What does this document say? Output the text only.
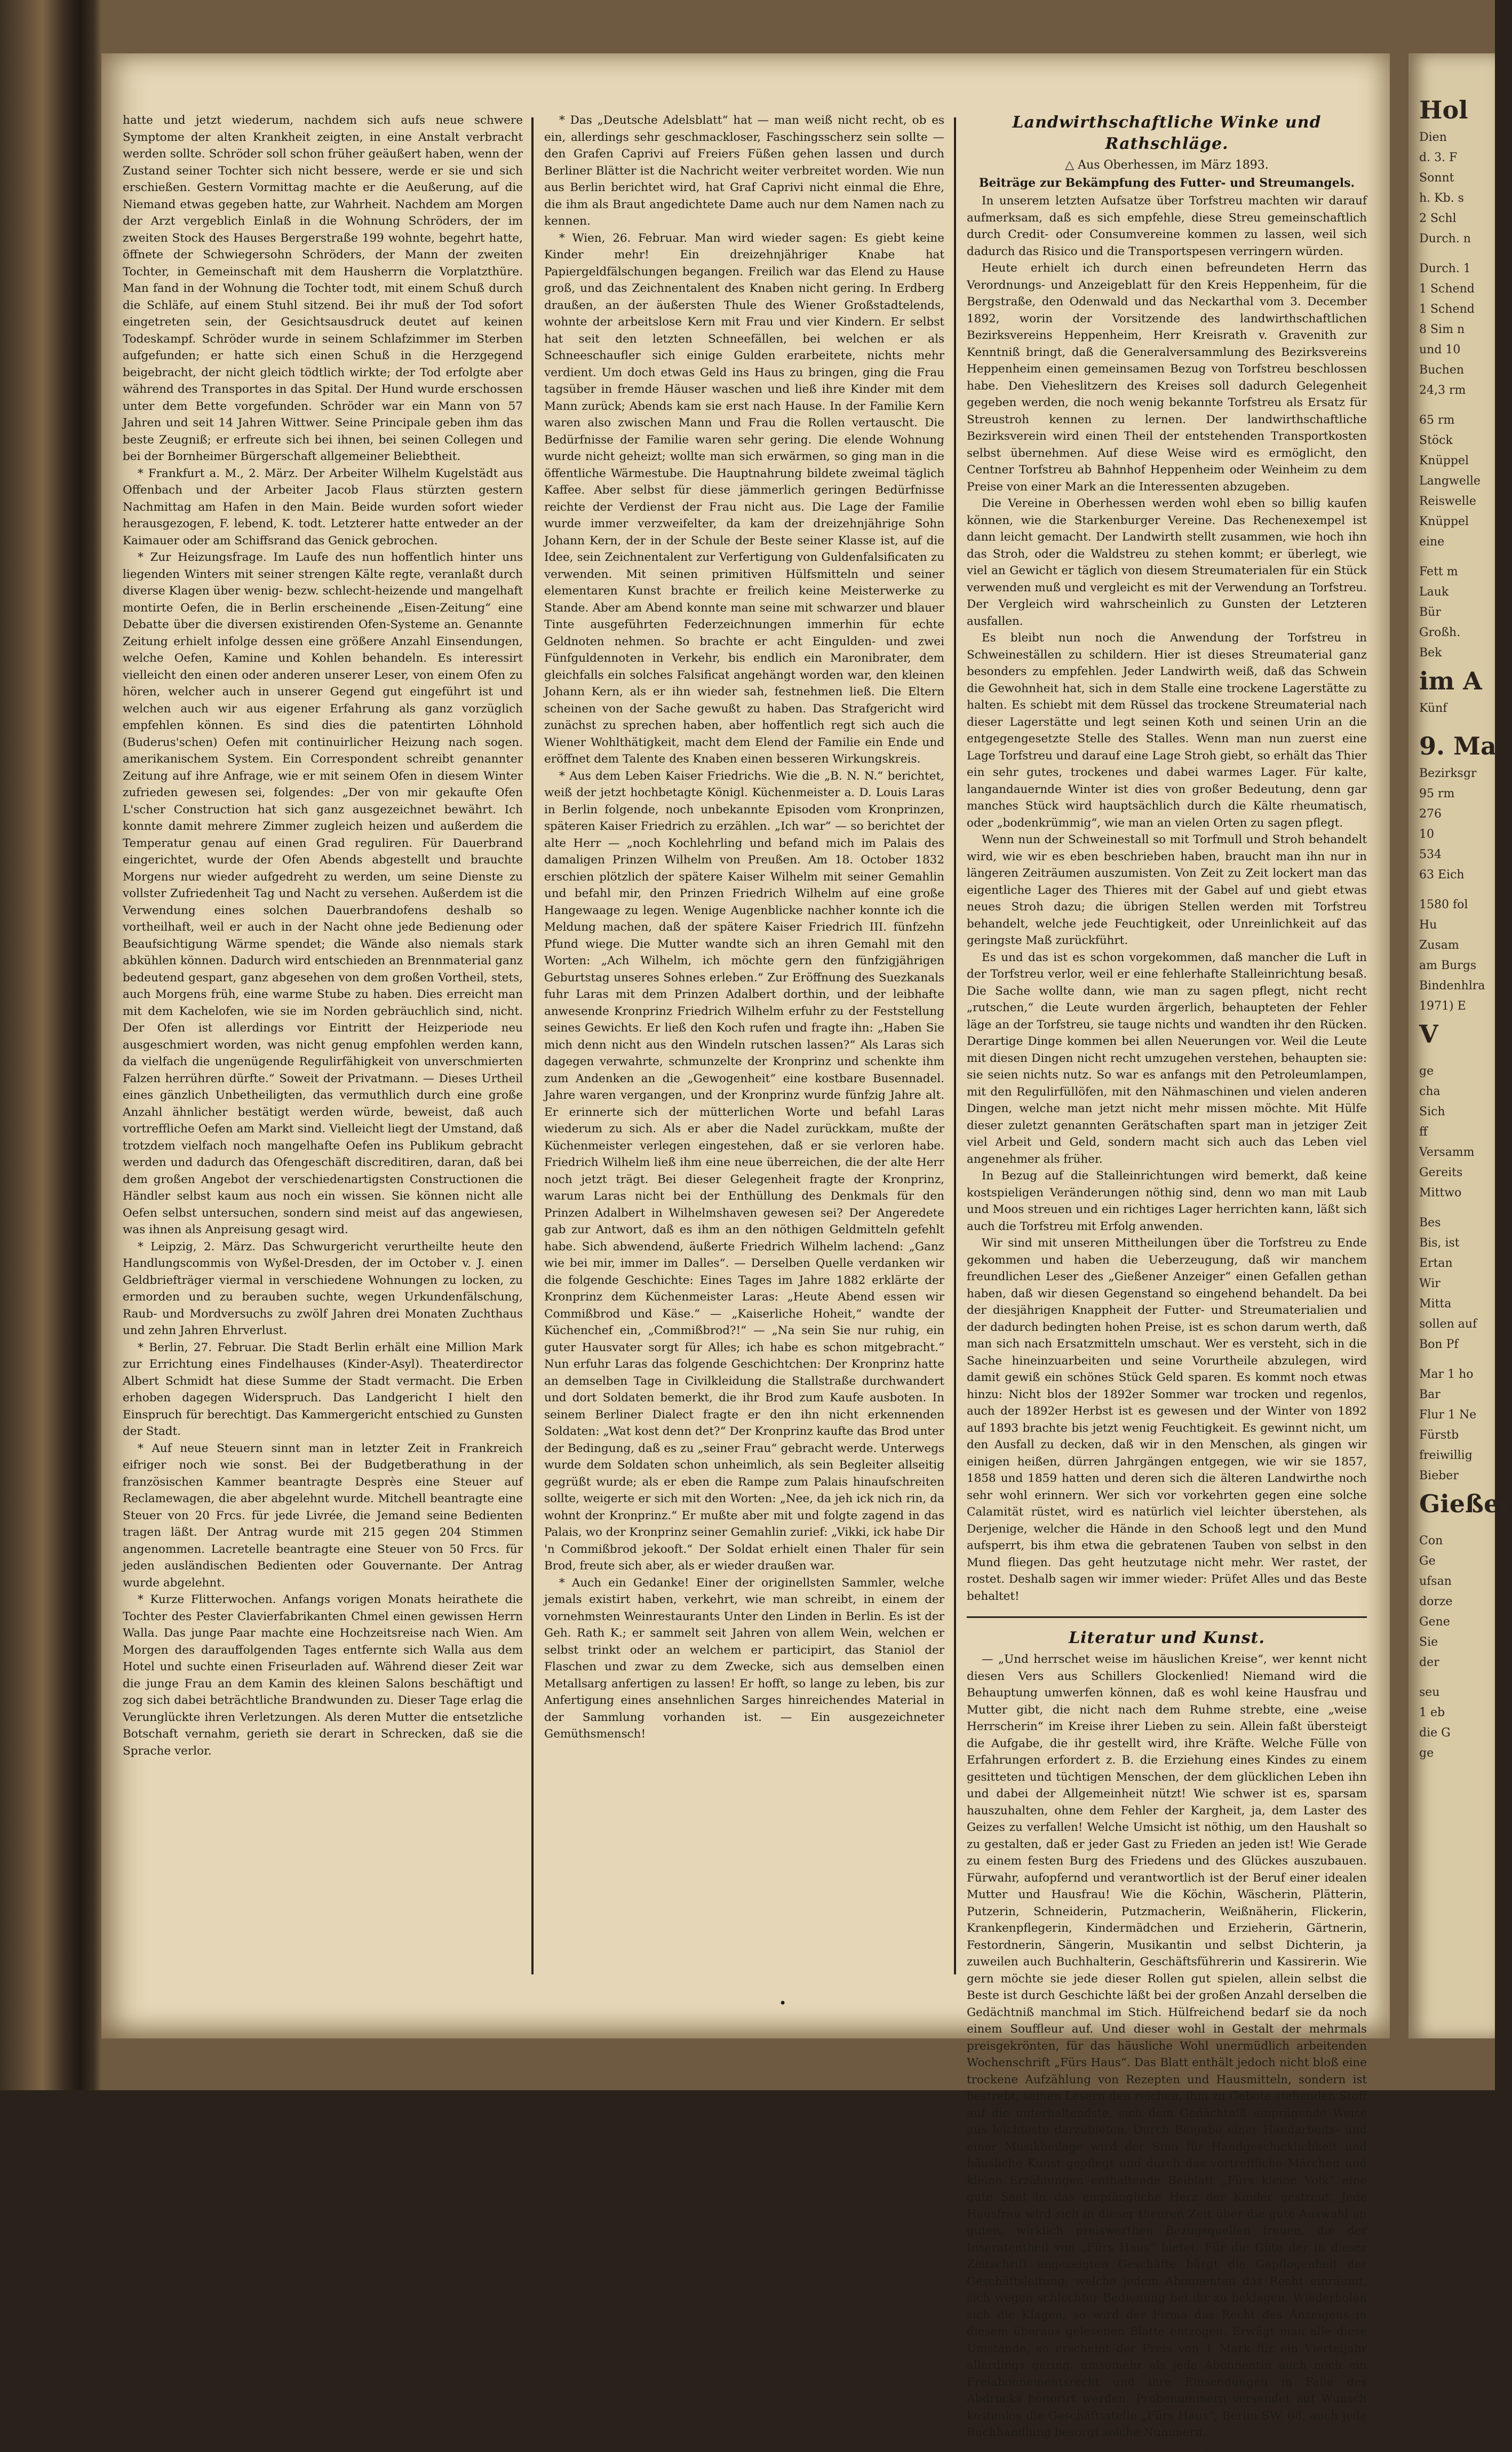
hatte und jetzt wiederum, nachdem sich aufs neue schwere Symptome der alten Krankheit zeigten, in eine Anstalt verbracht werden sollte. Schröder soll schon früher geäußert haben, wenn der Zustand seiner Tochter sich nicht bessere, werde er sie und sich erschießen. Gestern Vormittag machte er die Aeußerung, auf die Niemand etwas gegeben hatte, zur Wahrheit. Nachdem am Morgen der Arzt vergeblich Einlaß in die Wohnung Schröders, der im zweiten Stock des Hauses Bergerstraße 199 wohnte, begehrt hatte, öffnete der Schwiegersohn Schröders, der Mann der zweiten Tochter, in Gemeinschaft mit dem Hausherrn die Vorplatzthüre. Man fand in der Wohnung die Tochter todt, mit einem Schuß durch die Schläfe, auf einem Stuhl sitzend. Bei ihr muß der Tod sofort eingetreten sein, der Gesichtsausdruck deutet auf keinen Todeskampf. Schröder wurde in seinem Schlafzimmer im Sterben aufgefunden; er hatte sich einen Schuß in die Herzgegend beigebracht, der nicht gleich tödtlich wirkte; der Tod erfolgte aber während des Transportes in das Spital. Der Hund wurde erschossen unter dem Bette vorgefunden. Schröder war ein Mann von 57 Jahren und seit 14 Jahren Wittwer. Seine Principale geben ihm das beste Zeugniß; er erfreute sich bei ihnen, bei seinen Collegen und bei der Bornheimer Bürgerschaft allgemeiner Beliebtheit.

* Frankfurt a. M., 2. März. Der Arbeiter Wilhelm Kugelstädt aus Offenbach und der Arbeiter Jacob Flaus stürzten gestern Nachmittag am Hafen in den Main. Beide wurden sofort wieder herausgezogen, F. lebend, K. todt. Letzterer hatte entweder an der Kaimauer oder am Schiffsrand das Genick gebrochen.

* Zur Heizungsfrage. Im Laufe des nun hoffentlich hinter uns liegenden Winters mit seiner strengen Kälte regte, veranlaßt durch diverse Klagen über wenig- bezw. schlecht-heizende und mangelhaft montirte Oefen, die in Berlin erscheinende „Eisen-Zeitung“ eine Debatte über die diversen existirenden Ofen-Systeme an. Genannte Zeitung erhielt infolge dessen eine größere Anzahl Einsendungen, welche Oefen, Kamine und Kohlen behandeln. Es interessirt vielleicht den einen oder anderen unserer Leser, von einem Ofen zu hören, welcher auch in unserer Gegend gut eingeführt ist und welchen auch wir aus eigener Erfahrung als ganz vorzüglich empfehlen können. Es sind dies die patentirten Löhnhold (Buderus'schen) Oefen mit continuirlicher Heizung nach sogen. amerikanischem System. Ein Correspondent schreibt genannter Zeitung auf ihre Anfrage, wie er mit seinem Ofen in diesem Winter zufrieden gewesen sei, folgendes: „Der von mir gekaufte Ofen L'scher Construction hat sich ganz ausgezeichnet bewährt. Ich konnte damit mehrere Zimmer zugleich heizen und außerdem die Temperatur genau auf einen Grad reguliren. Für Dauerbrand eingerichtet, wurde der Ofen Abends abgestellt und brauchte Morgens nur wieder aufgedreht zu werden, um seine Dienste zu vollster Zufriedenheit Tag und Nacht zu versehen. Außerdem ist die Verwendung eines solchen Dauerbrandofens deshalb so vortheilhaft, weil er auch in der Nacht ohne jede Bedienung oder Beaufsichtigung Wärme spendet; die Wände also niemals stark abkühlen können. Dadurch wird entschieden an Brennmaterial ganz bedeutend gespart, ganz abgesehen von dem großen Vortheil, stets, auch Morgens früh, eine warme Stube zu haben. Dies erreicht man mit dem Kachelofen, wie sie im Norden gebräuchlich sind, nicht. Der Ofen ist allerdings vor Eintritt der Heizperiode neu ausgeschmiert worden, was nicht genug empfohlen werden kann, da vielfach die ungenügende Regulirfähigkeit von unverschmierten Falzen herrühren dürfte.“ Soweit der Privatmann. — Dieses Urtheil eines gänzlich Unbetheiligten, das vermuthlich durch eine große Anzahl ähnlicher bestätigt werden würde, beweist, daß auch vortreffliche Oefen am Markt sind. Vielleicht liegt der Umstand, daß trotzdem vielfach noch mangelhafte Oefen ins Publikum gebracht werden und dadurch das Ofengeschäft discreditiren, daran, daß bei dem großen Angebot der verschiedenartigsten Constructionen die Händler selbst kaum aus noch ein wissen. Sie können nicht alle Oefen selbst untersuchen, sondern sind meist auf das angewiesen, was ihnen als Anpreisung gesagt wird.

* Leipzig, 2. März. Das Schwurgericht verurtheilte heute den Handlungscommis von Wyßel-Dresden, der im October v. J. einen Geldbriefträger viermal in verschiedene Wohnungen zu locken, zu ermorden und zu berauben suchte, wegen Urkundenfälschung, Raub- und Mordversuchs zu zwölf Jahren drei Monaten Zuchthaus und zehn Jahren Ehrverlust.

* Berlin, 27. Februar. Die Stadt Berlin erhält eine Million Mark zur Errichtung eines Findelhauses (Kinder-Asyl). Theaterdirector Albert Schmidt hat diese Summe der Stadt vermacht. Die Erben erhoben dagegen Widerspruch. Das Landgericht I hielt den Einspruch für berechtigt. Das Kammergericht entschied zu Gunsten der Stadt.

* Auf neue Steuern sinnt man in letzter Zeit in Frankreich eifriger noch wie sonst. Bei der Budgetberathung in der französischen Kammer beantragte Desprès eine Steuer auf Reclamewagen, die aber abgelehnt wurde. Mitchell beantragte eine Steuer von 20 Frcs. für jede Livrée, die Jemand seine Bedienten tragen läßt. Der Antrag wurde mit 215 gegen 204 Stimmen angenommen. Lacretelle beantragte eine Steuer von 50 Frcs. für jeden ausländischen Bedienten oder Gouvernante. Der Antrag wurde abgelehnt.

* Kurze Flitterwochen. Anfangs vorigen Monats heirathete die Tochter des Pester Clavierfabrikanten Chmel einen gewissen Herrn Walla. Das junge Paar machte eine Hochzeitsreise nach Wien. Am Morgen des darauffolgenden Tages entfernte sich Walla aus dem Hotel und suchte einen Friseurladen auf. Während dieser Zeit war die junge Frau an dem Kamin des kleinen Salons beschäftigt und zog sich dabei beträchtliche Brandwunden zu. Dieser Tage erlag die Verunglückte ihren Verletzungen. Als deren Mutter die entsetzliche Botschaft vernahm, gerieth sie derart in Schrecken, daß sie die Sprache verlor.

* Das „Deutsche Adelsblatt“ hat — man weiß nicht recht, ob es ein, allerdings sehr geschmackloser, Faschingsscherz sein sollte — den Grafen Caprivi auf Freiers Füßen gehen lassen und durch Berliner Blätter ist die Nachricht weiter verbreitet worden. Wie nun aus Berlin berichtet wird, hat Graf Caprivi nicht einmal die Ehre, die ihm als Braut angedichtete Dame auch nur dem Namen nach zu kennen.

* Wien, 26. Februar. Man wird wieder sagen: Es giebt keine Kinder mehr! Ein dreizehnjähriger Knabe hat Papiergeldfälschungen begangen. Freilich war das Elend zu Hause groß, und das Zeichnentalent des Knaben nicht gering. In Erdberg draußen, an der äußersten Thule des Wiener Großstadtelends, wohnte der arbeitslose Kern mit Frau und vier Kindern. Er selbst hat seit den letzten Schneefällen, bei welchen er als Schneeschaufler sich einige Gulden erarbeitete, nichts mehr verdient. Um doch etwas Geld ins Haus zu bringen, ging die Frau tagsüber in fremde Häuser waschen und ließ ihre Kinder mit dem Mann zurück; Abends kam sie erst nach Hause. In der Familie Kern waren also zwischen Mann und Frau die Rollen vertauscht. Die Bedürfnisse der Familie waren sehr gering. Die elende Wohnung wurde nicht geheizt; wollte man sich erwärmen, so ging man in die öffentliche Wärmestube. Die Hauptnahrung bildete zweimal täglich Kaffee. Aber selbst für diese jämmerlich geringen Bedürfnisse reichte der Verdienst der Frau nicht aus. Die Lage der Familie wurde immer verzweifelter, da kam der dreizehnjährige Sohn Johann Kern, der in der Schule der Beste seiner Klasse ist, auf die Idee, sein Zeichnentalent zur Verfertigung von Guldenfalsificaten zu verwenden. Mit seinen primitiven Hülfsmitteln und seiner elementaren Kunst brachte er freilich keine Meisterwerke zu Stande. Aber am Abend konnte man seine mit schwarzer und blauer Tinte ausgeführten Federzeichnungen immerhin für echte Geldnoten nehmen. So brachte er acht Eingulden- und zwei Fünfguldennoten in Verkehr, bis endlich ein Maronibrater, dem gleichfalls ein solches Falsificat angehängt worden war, den kleinen Johann Kern, als er ihn wieder sah, festnehmen ließ. Die Eltern scheinen von der Sache gewußt zu haben. Das Strafgericht wird zunächst zu sprechen haben, aber hoffentlich regt sich auch die Wiener Wohlthätigkeit, macht dem Elend der Familie ein Ende und eröffnet dem Talente des Knaben einen besseren Wirkungskreis.

* Aus dem Leben Kaiser Friedrichs. Wie die „B. N. N.“ berichtet, weiß der jetzt hochbetagte Königl. Küchenmeister a. D. Louis Laras in Berlin folgende, noch unbekannte Episoden vom Kronprinzen, späteren Kaiser Friedrich zu erzählen. „Ich war“ — so berichtet der alte Herr — „noch Kochlehrling und befand mich im Palais des damaligen Prinzen Wilhelm von Preußen. Am 18. October 1832 erschien plötzlich der spätere Kaiser Wilhelm mit seiner Gemahlin und befahl mir, den Prinzen Friedrich Wilhelm auf eine große Hangewaage zu legen. Wenige Augenblicke nachher konnte ich die Meldung machen, daß der spätere Kaiser Friedrich III. fünfzehn Pfund wiege. Die Mutter wandte sich an ihren Gemahl mit den Worten: „Ach Wilhelm, ich möchte gern den fünfzigjährigen Geburtstag unseres Sohnes erleben.“ Zur Eröffnung des Suezkanals fuhr Laras mit dem Prinzen Adalbert dorthin, und der leibhafte anwesende Kronprinz Friedrich Wilhelm erfuhr zu der Feststellung seines Gewichts. Er ließ den Koch rufen und fragte ihn: „Haben Sie mich denn nicht aus den Windeln rutschen lassen?“ Als Laras sich dagegen verwahrte, schmunzelte der Kronprinz und schenkte ihm zum Andenken an die „Gewogenheit“ eine kostbare Busennadel. Jahre waren vergangen, und der Kronprinz wurde fünfzig Jahre alt. Er erinnerte sich der mütterlichen Worte und befahl Laras wiederum zu sich. Als er aber die Nadel zurückkam, mußte der Küchenmeister verlegen eingestehen, daß er sie verloren habe. Friedrich Wilhelm ließ ihm eine neue überreichen, die der alte Herr noch jetzt trägt. Bei dieser Gelegenheit fragte der Kronprinz, warum Laras nicht bei der Enthüllung des Denkmals für den Prinzen Adalbert in Wilhelmshaven gewesen sei? Der Angeredete gab zur Antwort, daß es ihm an den nöthigen Geldmitteln gefehlt habe. Sich abwendend, äußerte Friedrich Wilhelm lachend: „Ganz wie bei mir, immer im Dalles“. — Derselben Quelle verdanken wir die folgende Geschichte: Eines Tages im Jahre 1882 erklärte der Kronprinz dem Küchenmeister Laras: „Heute Abend essen wir Commißbrod und Käse.“ — „Kaiserliche Hoheit,“ wandte der Küchenchef ein, „Commißbrod?!“ — „Na sein Sie nur ruhig, ein guter Hausvater sorgt für Alles; ich habe es schon mitgebracht.“ Nun erfuhr Laras das folgende Geschichtchen: Der Kronprinz hatte an demselben Tage in Civilkleidung die Stallstraße durchwandert und dort Soldaten bemerkt, die ihr Brod zum Kaufe ausboten. In seinem Berliner Dialect fragte er den ihn nicht erkennenden Soldaten: „Wat kost denn det?“ Der Kronprinz kaufte das Brod unter der Bedingung, daß es zu „seiner Frau“ gebracht werde. Unterwegs wurde dem Soldaten schon unheimlich, als sein Begleiter allseitig gegrüßt wurde; als er eben die Rampe zum Palais hinaufschreiten sollte, weigerte er sich mit den Worten: „Nee, da jeh ick nich rin, da wohnt der Kronprinz.“ Er mußte aber mit und folgte zagend in das Palais, wo der Kronprinz seiner Gemahlin zurief: „Vikki, ick habe Dir 'n Commißbrod jekooft.“ Der Soldat erhielt einen Thaler für sein Brod, freute sich aber, als er wieder draußen war.

* Auch ein Gedanke! Einer der originellsten Sammler, welche jemals existirt haben, verkehrt, wie man schreibt, in einem der vornehmsten Weinrestaurants Unter den Linden in Berlin. Es ist der Geh. Rath K.; er sammelt seit Jahren von allem Wein, welchen er selbst trinkt oder an welchem er participirt, das Staniol der Flaschen und zwar zu dem Zwecke, sich aus demselben einen Metallsarg anfertigen zu lassen! Er hofft, so lange zu leben, bis zur Anfertigung eines ansehnlichen Sarges hinreichendes Material in der Sammlung vorhanden ist. — Ein ausgezeichneter Gemüthsmensch!

Landwirthschaftliche Winke und Rathschläge.
△ Aus Oberhessen, im März 1893.
Beiträge zur Bekämpfung des Futter- und Streumangels.

In unserem letzten Aufsatze über Torfstreu machten wir darauf aufmerksam, daß es sich empfehle, diese Streu gemeinschaftlich durch Credit- oder Consumvereine kommen zu lassen, weil sich dadurch das Risico und die Transportspesen verringern würden.

Heute erhielt ich durch einen befreundeten Herrn das Verordnungs- und Anzeigeblatt für den Kreis Heppenheim, für die Bergstraße, den Odenwald und das Neckarthal vom 3. December 1892, worin der Vorsitzende des landwirthschaftlichen Bezirksvereins Heppenheim, Herr Kreisrath v. Gravenith zur Kenntniß bringt, daß die Generalversammlung des Bezirksvereins Heppenheim einen gemeinsamen Bezug von Torfstreu beschlossen habe. Den Vieheslitzern des Kreises soll dadurch Gelegenheit gegeben werden, die noch wenig bekannte Torfstreu als Ersatz für Streustroh kennen zu lernen. Der landwirthschaftliche Bezirksverein wird einen Theil der entstehenden Transportkosten selbst übernehmen. Auf diese Weise wird es ermöglicht, den Centner Torfstreu ab Bahnhof Heppenheim oder Weinheim zu dem Preise von einer Mark an die Interessenten abzugeben.

Die Vereine in Oberhessen werden wohl eben so billig kaufen können, wie die Starkenburger Vereine. Das Rechenexempel ist dann leicht gemacht. Der Landwirth stellt zusammen, wie hoch ihn das Stroh, oder die Waldstreu zu stehen kommt; er überlegt, wie viel an Gewicht er täglich von diesem Streumaterialen für ein Stück verwenden muß und vergleicht es mit der Verwendung an Torfstreu. Der Vergleich wird wahrscheinlich zu Gunsten der Letzteren ausfallen.

Es bleibt nun noch die Anwendung der Torfstreu in Schweineställen zu schildern. Hier ist dieses Streumaterial ganz besonders zu empfehlen. Jeder Landwirth weiß, daß das Schwein die Gewohnheit hat, sich in dem Stalle eine trockene Lagerstätte zu halten. Es schiebt mit dem Rüssel das trockene Streumaterial nach dieser Lagerstätte und legt seinen Koth und seinen Urin an die entgegengesetzte Stelle des Stalles. Wenn man nun zuerst eine Lage Torfstreu und darauf eine Lage Stroh giebt, so erhält das Thier ein sehr gutes, trockenes und dabei warmes Lager. Für kalte, langandauernde Winter ist dies von großer Bedeutung, denn gar manches Stück wird hauptsächlich durch die Kälte rheumatisch, oder „bodenkrümmig“, wie man an vielen Orten zu sagen pflegt.

Wenn nun der Schweinestall so mit Torfmull und Stroh behandelt wird, wie wir es eben beschrieben haben, braucht man ihn nur in längeren Zeiträumen auszumisten. Von Zeit zu Zeit lockert man das eigentliche Lager des Thieres mit der Gabel auf und giebt etwas neues Stroh dazu; die übrigen Stellen werden mit Torfstreu behandelt, welche jede Feuchtigkeit, oder Unreinlichkeit auf das geringste Maß zurückführt.

Es und das ist es schon vorgekommen, daß mancher die Luft in der Torfstreu verlor, weil er eine fehlerhafte Stalleinrichtung besaß. Die Sache wollte dann, wie man zu sagen pflegt, nicht recht „rutschen,“ die Leute wurden ärgerlich, behaupteten der Fehler läge an der Torfstreu, sie tauge nichts und wandten ihr den Rücken. Derartige Dinge kommen bei allen Neuerungen vor. Weil die Leute mit diesen Dingen nicht recht umzugehen verstehen, behaupten sie: sie seien nichts nutz. So war es anfangs mit den Petroleumlampen, mit den Regulirfüllöfen, mit den Nähmaschinen und vielen anderen Dingen, welche man jetzt nicht mehr missen möchte. Mit Hülfe dieser zuletzt genannten Gerätschaften spart man in jetziger Zeit viel Arbeit und Geld, sondern macht sich auch das Leben viel angenehmer als früher.

In Bezug auf die Stalleinrichtungen wird bemerkt, daß keine kostspieligen Veränderungen nöthig sind, denn wo man mit Laub und Moos streuen und ein richtiges Lager herrichten kann, läßt sich auch die Torfstreu mit Erfolg anwenden.

Wir sind mit unseren Mittheilungen über die Torfstreu zu Ende gekommen und haben die Ueberzeugung, daß wir manchem freundlichen Leser des „Gießener Anzeiger“ einen Gefallen gethan haben, daß wir diesen Gegenstand so eingehend behandelt. Da bei der diesjährigen Knappheit der Futter- und Streumaterialien und der dadurch bedingten hohen Preise, ist es schon darum werth, daß man sich nach Ersatzmitteln umschaut. Wer es versteht, sich in die Sache hineinzuarbeiten und seine Vorurtheile abzulegen, wird damit gewiß ein schönes Stück Geld sparen. Es kommt noch etwas hinzu: Nicht blos der 1892er Sommer war trocken und regenlos, auch der 1892er Herbst ist es gewesen und der Winter von 1892 auf 1893 brachte bis jetzt wenig Feuchtigkeit. Es gewinnt nicht, um den Ausfall zu decken, daß wir in den Menschen, als gingen wir einigen heißen, dürren Jahrgängen entgegen, wie wir sie 1857, 1858 und 1859 hatten und deren sich die älteren Landwirthe noch sehr wohl erinnern. Wer sich vor vorkehrten gegen eine solche Calamität rüstet, wird es natürlich viel leichter überstehen, als Derjenige, welcher die Hände in den Schooß legt und den Mund aufsperrt, bis ihm etwa die gebratenen Tauben von selbst in den Mund fliegen. Das geht heutzutage nicht mehr. Wer rastet, der rostet. Deshalb sagen wir immer wieder: Prüfet Alles und das Beste behaltet!

Literatur und Kunst.

— „Und herrschet weise im häuslichen Kreise“, wer kennt nicht diesen Vers aus Schillers Glockenlied! Niemand wird die Behauptung umwerfen können, daß es wohl keine Hausfrau und Mutter gibt, die nicht nach dem Ruhme strebte, eine „weise Herrscherin“ im Kreise ihrer Lieben zu sein. Allein faßt übersteigt die Aufgabe, die ihr gestellt wird, ihre Kräfte. Welche Fülle von Erfahrungen erfordert z. B. die Erziehung eines Kindes zu einem gesitteten und tüchtigen Menschen, der dem glücklichen Leben ihn und dabei der Allgemeinheit nützt! Wie schwer ist es, sparsam hauszuhalten, ohne dem Fehler der Kargheit, ja, dem Laster des Geizes zu verfallen! Welche Umsicht ist nöthig, um den Haushalt so zu gestalten, daß er jeder Gast zu Frieden an jeden ist! Wie Gerade zu einem festen Burg des Friedens und des Glückes auszubauen. Fürwahr, aufopfernd und verantwortlich ist der Beruf einer idealen Mutter und Hausfrau! Wie die Köchin, Wäscherin, Plätterin, Putzerin, Schneiderin, Putzmacherin, Weißnäherin, Flickerin, Krankenpflegerin, Kindermädchen und Erzieherin, Gärtnerin, Festordnerin, Sängerin, Musikantin und selbst Dichterin, ja zuweilen auch Buchhalterin, Geschäftsführerin und Kassirerin. Wie gern möchte sie jede dieser Rollen gut spielen, allein selbst die Beste ist durch Geschichte läßt bei der großen Anzahl derselben die Gedächtniß manchmal im Stich. Hülfreichend bedarf sie da noch einem Souffleur auf. Und dieser wohl in Gestalt der mehrmals preisgekrönten, für das häusliche Wohl unermüdlich arbeitenden Wochenschrift „Fürs Haus“. Das Blatt enthält jedoch nicht bloß eine trockene Aufzählung von Rezepten und Hausmitteln, sondern ist bestrebt, seinen Lesern den reichen, ihm zu Gebote stehenden Stoff auf die unterhaltendste, sich dem Gedächtniß einprägende Weise aus leichteste darzubieten. Durch Beigabe einer Handarbeits- und einer Musikbeilage wird der Sinn für Handgeschicklichkeit und häusliche Kunst gepflegt und durch das vortreffliche Märchen und kleine Erzählungen enthaltende Beiblatt „Fürs kleine Volk“ eine gute Saat in das empfängliche Herz der Kinder gestreut. Jede Hausfrau wird sich in dieser theuren Zeit über die gute Auswahl an guten, wirklich preiswerthen Bezugsquellen freuen, die der Inseratentheil von „Fürs Haus“ bietet. Für die Güte der in dieser Zeitschrift angezeigten Geschäfte bürgt die Gepflogenheit der Geschäftsleitung, welche jedem Abonnenten das Recht einräumt, sich wegen schlechter Bedienung bei ihr zu beklagen. Wiederholen sich die Klagen, so wird der Firma das Recht des Anzeigens in diesem überaus gelesenen Blatte entzogen. Erwägt man alle diese Umstände, so erscheint der Preis von 1 Mark für ein Vierteljahr allerdings gering, umsomehr als jede Abonnentin auch noch ein Freiabonnementsrecht und ihre Einsendungen in Falle des Abdrucks honorirt werden. Probenummern versendet auf Wunsch kostenlos die Geschäftsstelle „Fürs Haus“, Berlin SW. 68, auch jede Buchhandlung besorgt solche Nummern.

•
Hol
Dien
d. 3. F
Sonnt
h. Kb. s
2 Schl
Durch. n
Durch. 1
1 Schend
1 Schend
8 Sim n
und 10
Buchen
24,3 rm
65 rm
Stöck
Knüppel
Langwelle
Reiswelle
Knüppel
eine
Fett m
Lauk
Bür
Großh.
Bek
im A
Künf
9. Ma
Bezirksgr
95 rm
276
10
534
63 Eich
1580 fol
Hu
Zusam
am Burgs
Bindenhlra
1971) E
V
ge
cha
Sich
ff
Versamm
Gereits
Mittwo
Bes
Bis, ist
Ertan
Wir
Mitta
sollen auf
Bon Pf
Mar 1 ho
Bar
Flur 1 Ne
Fürstb
freiwillig
Bieber
Gießer
Con
Ge
ufsan
dorze
Gene
Sie
der
seu
1 eb
die G
ge
